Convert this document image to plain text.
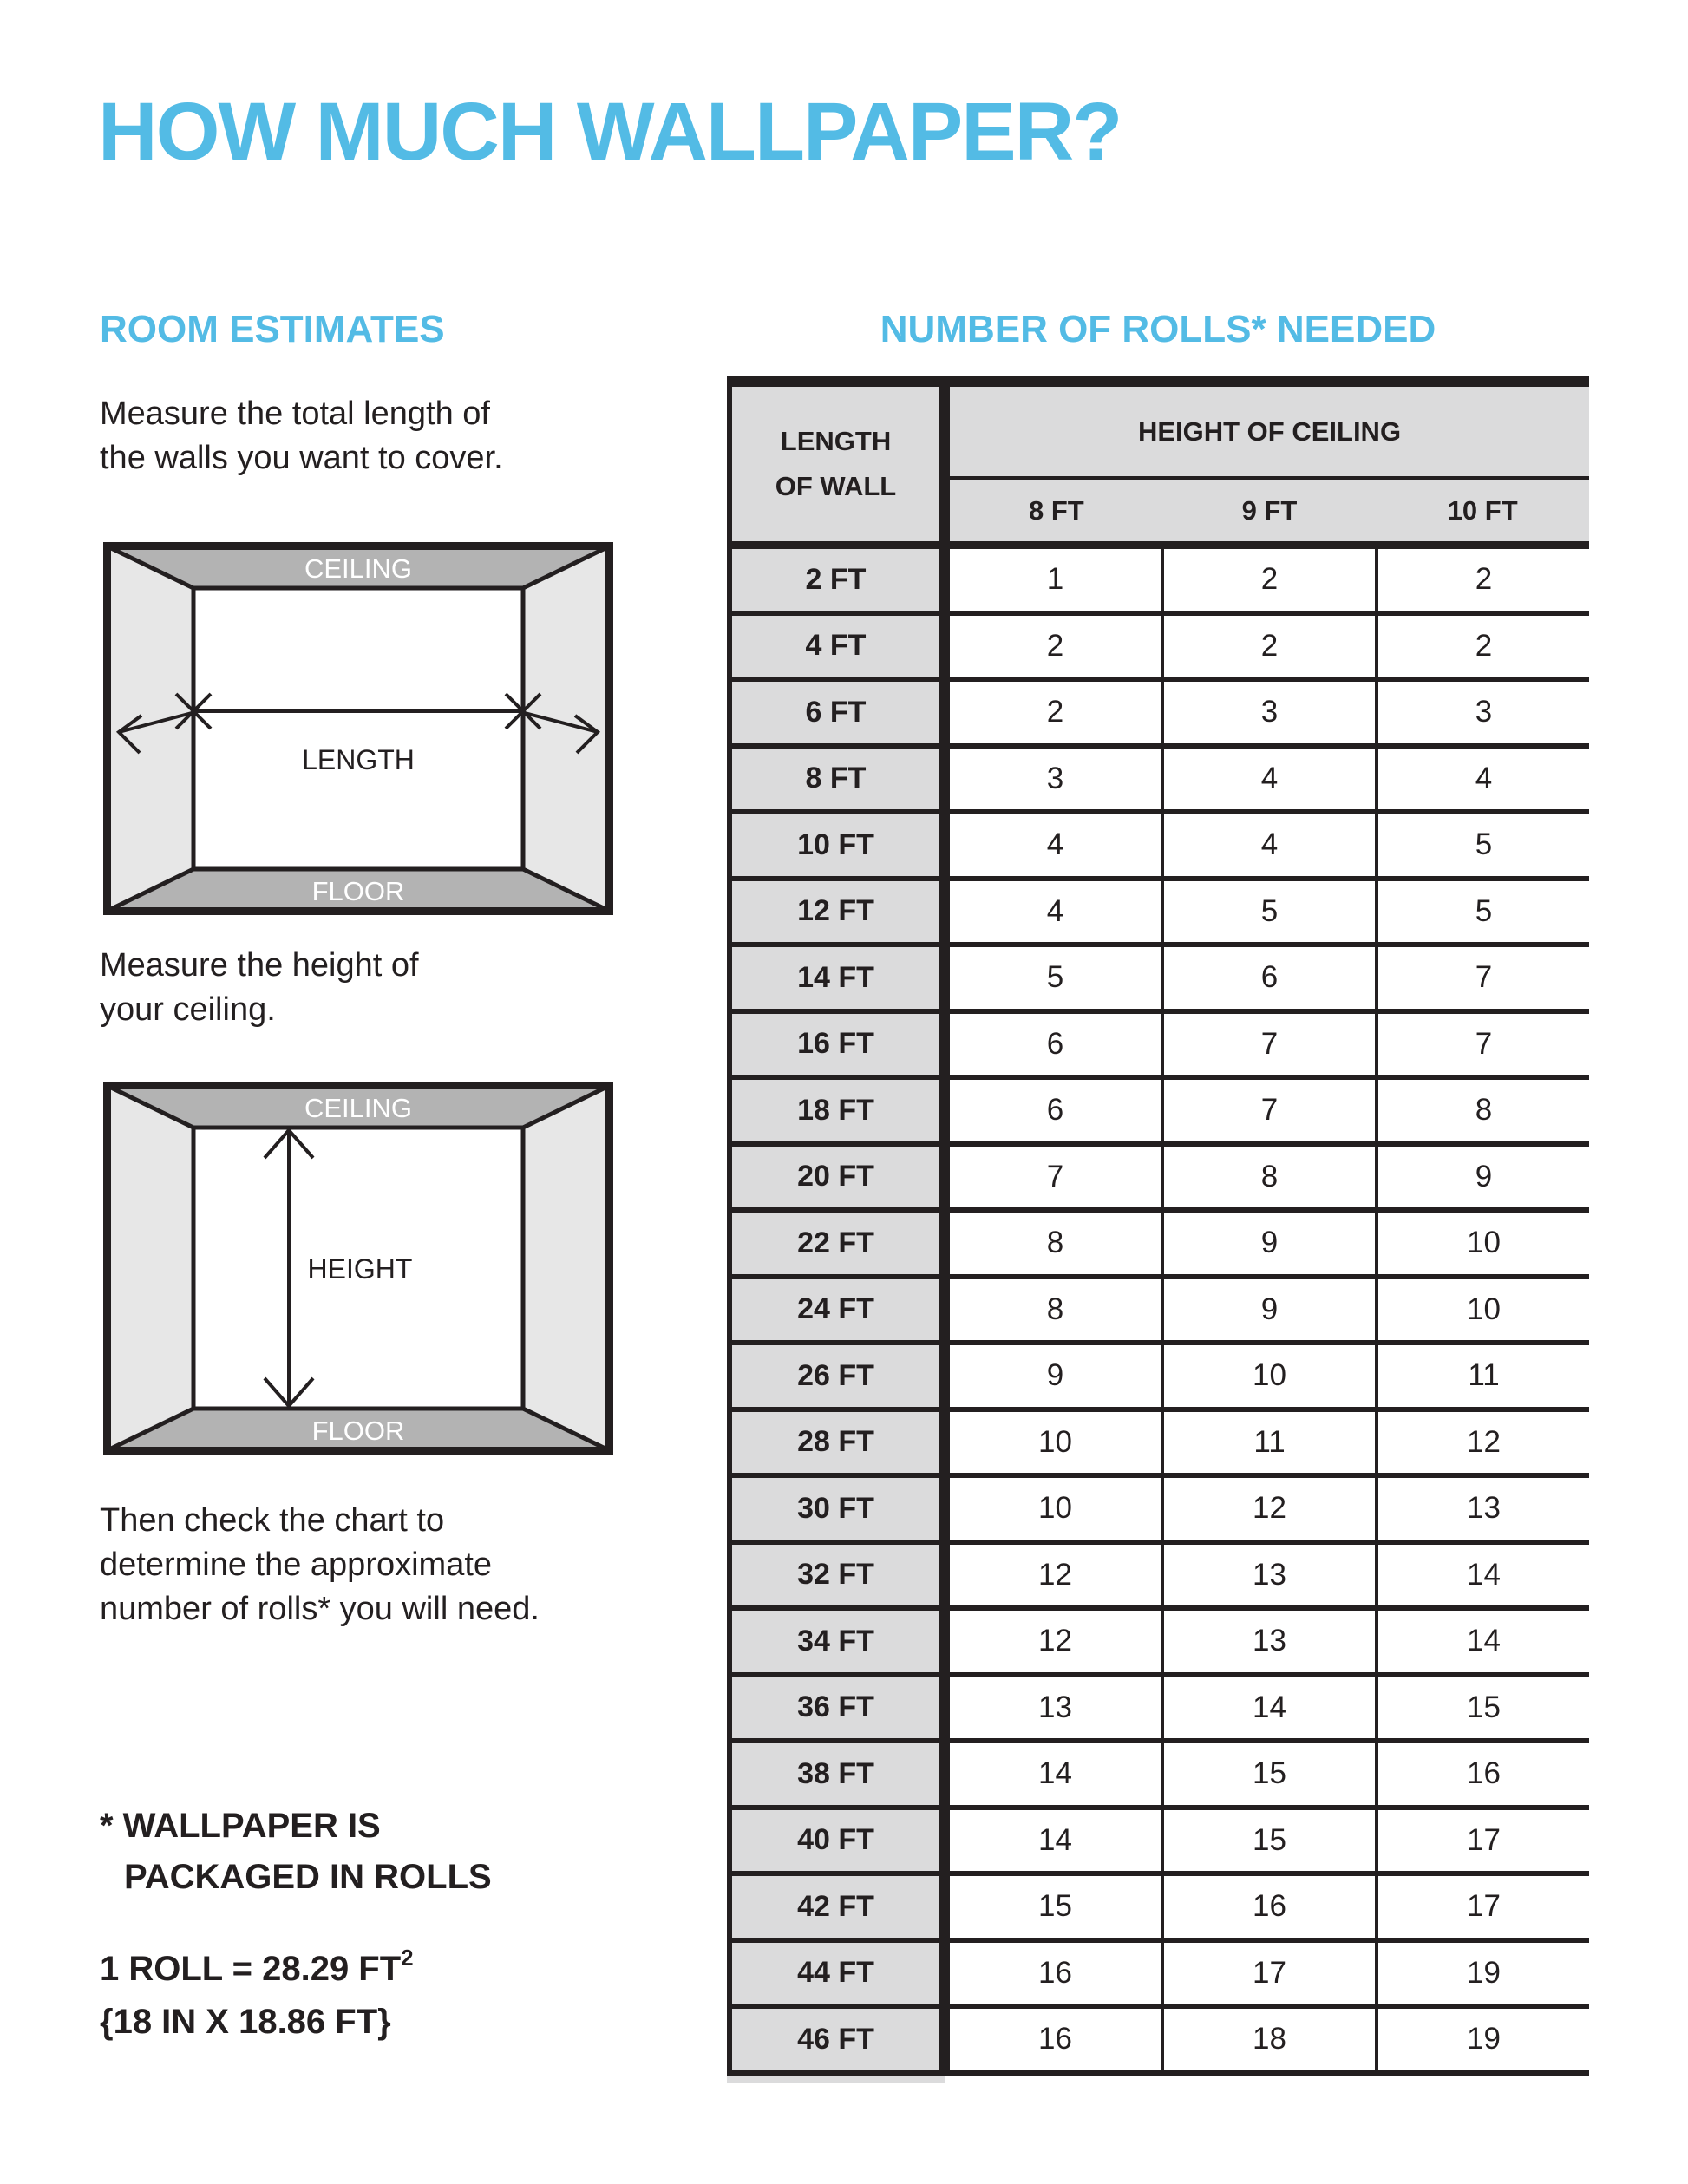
HOW MUCH WALLPAPER?
ROOM ESTIMATES	NUMBER OF ROLLS* NEEDED
Measure the total length of
the walls you want to cover.
CEILING
FLOOR
LENGTH
Measure the height of
your ceiling.
CEILING
FLOOR
HEIGHT
Then check the chart to
determine the approximate
number of rolls* you will need.
* WALLPAPER IS
PACKAGED IN ROLLS
1 ROLL = 28.29 $FT^2$
{18 IN X 18.86 FT}
LENGTH
OF WALL
HEIGHT OF CEILING
8 FT	9 FT	10 FT
2 FT	1	2	2
4 FT	2	2	2
6 FT	2	3	3
8 FT	3	4	4
10 FT	4	4	5
12 FT	4	5	5
14 FT	5	6	7
16 FT	6	7	7
18 FT	6	7	8
20 FT	7	8	9
22 FT	8	9	10
24 FT	8	9	10
26 FT	9	10	11
28 FT	10	11	12
30 FT	10	12	13
32 FT	12	13	14
34 FT	12	13	14
36 FT	13	14	15
38 FT	14	15	16
40 FT	14	15	17
42 FT	15	16	17
44 FT	16	17	19
46 FT	16	18	19
